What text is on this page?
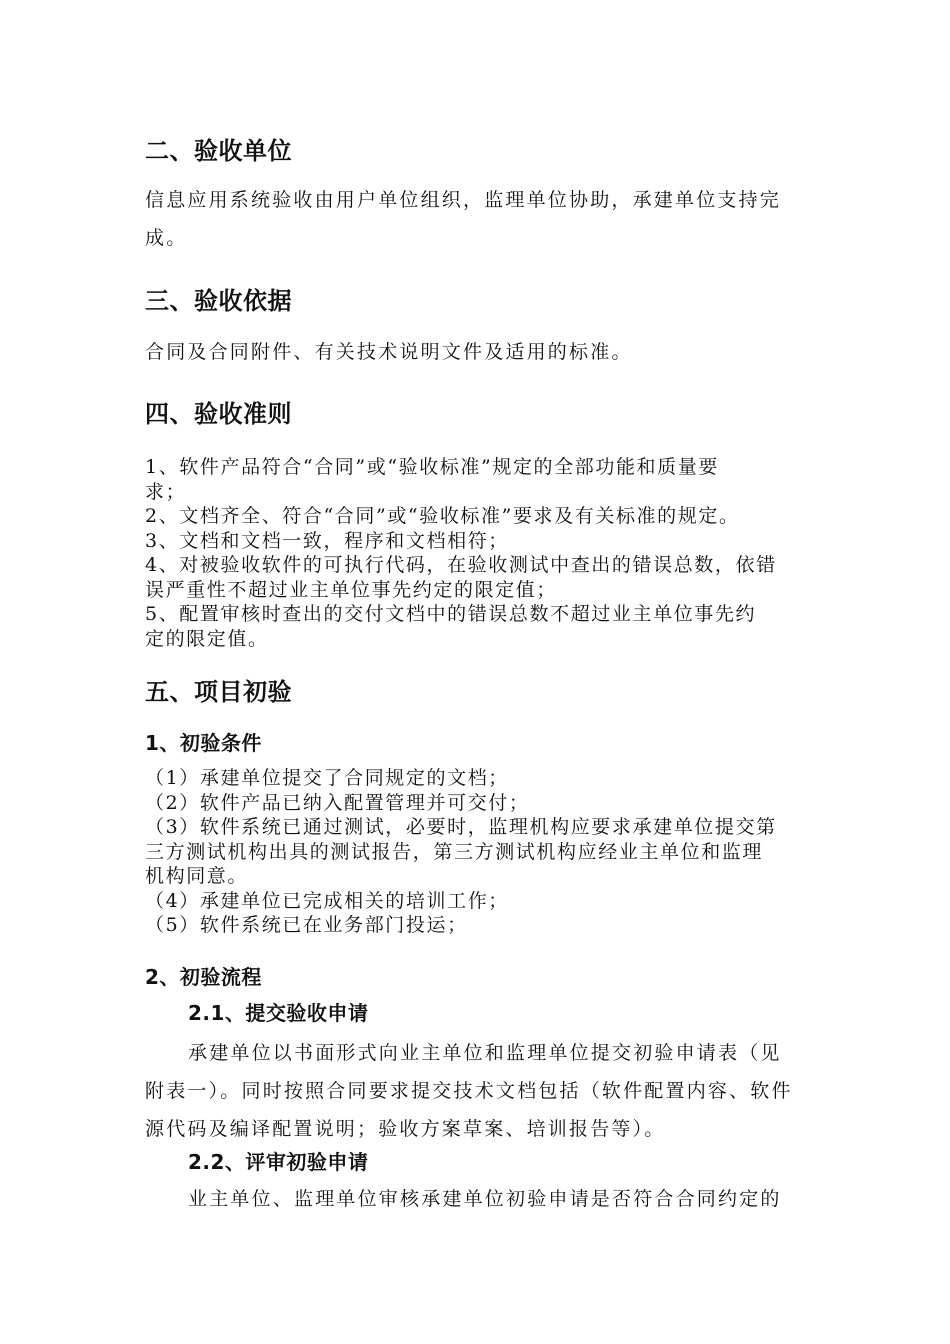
二、验收单位
信息应用系统验收由用户单位组织，监理单位协助，承建单位支持完
成。
三、验收依据
合同及合同附件、有关技术说明文件及适用的标准。
四、验收准则
1、软件产品符合“合同”或“验收标准”规定的全部功能和质量要
求；
2、文档齐全、符合“合同”或“验收标准”要求及有关标准的规定。
3、文档和文档一致，程序和文档相符；
4、对被验收软件的可执行代码，在验收测试中查出的错误总数，依错
误严重性不超过业主单位事先约定的限定值；
5、配置审核时查出的交付文档中的错误总数不超过业主单位事先约
定的限定值。
五、项目初验
1、初验条件
（1）承建单位提交了合同规定的文档；
（2）软件产品已纳入配置管理并可交付；
（3）软件系统已通过测试，必要时，监理机构应要求承建单位提交第
三方测试机构出具的测试报告，第三方测试机构应经业主单位和监理
机构同意。
（4）承建单位已完成相关的培训工作；
（5）软件系统已在业务部门投运；
2、初验流程
2.1、提交验收申请
承建单位以书面形式向业主单位和监理单位提交初验申请表（见
附表一）。同时按照合同要求提交技术文档包括（软件配置内容、软件
源代码及编译配置说明；验收方案草案、培训报告等）。
2.2、评审初验申请
业主单位、监理单位审核承建单位初验申请是否符合合同约定的
